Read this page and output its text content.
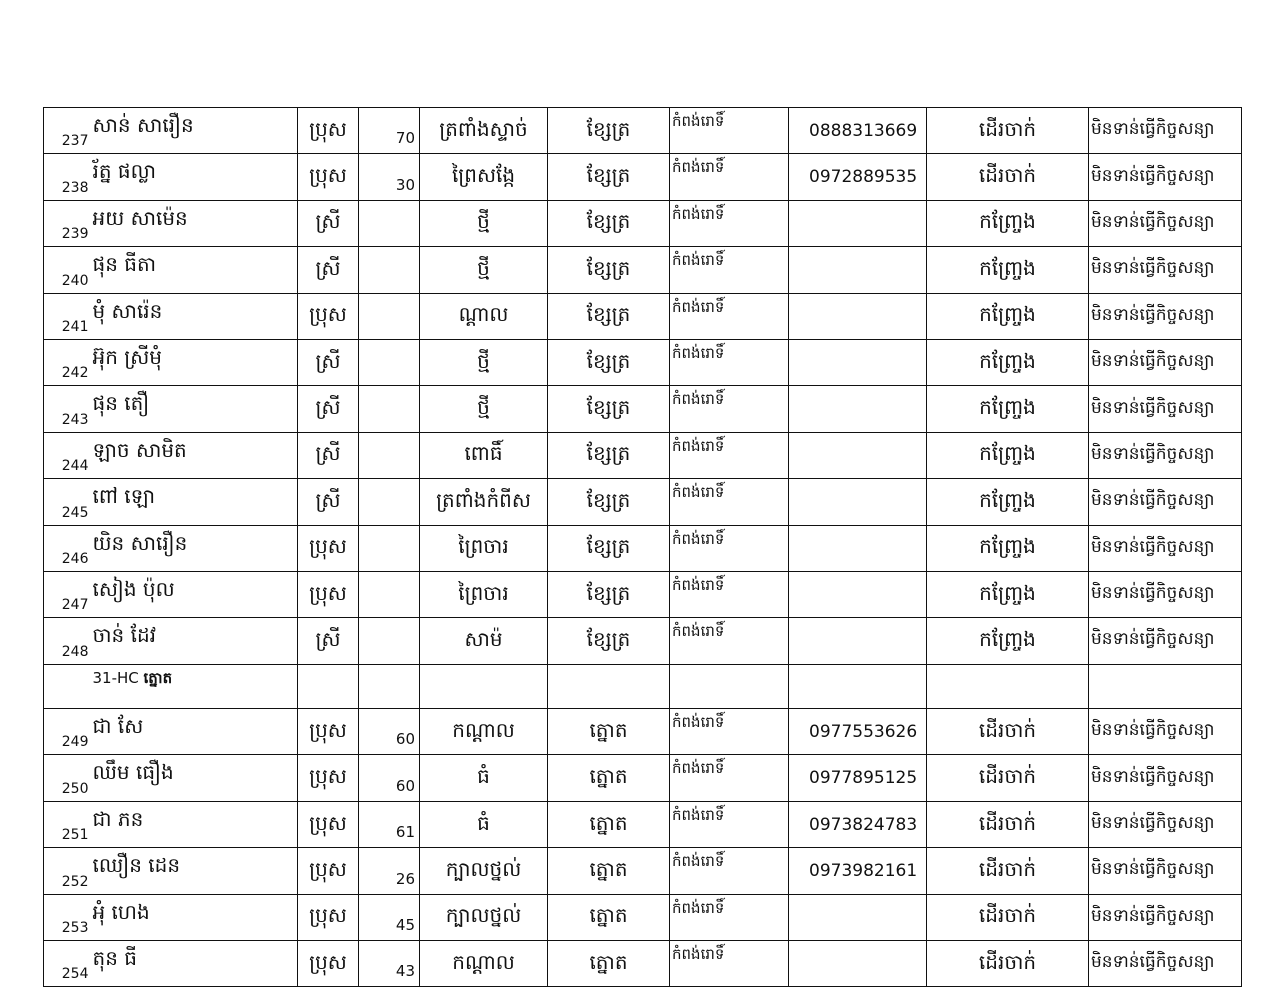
237	សាន់ សារឿន	ប្រុស	70	ត្រពាំងស្ទាច់	ខ្សែត្រ	កំពង់រោទិ៍	0888313669	ដើរចាក់	មិនទាន់ធ្វើកិច្ចសន្យា
238	រ័ត្ន ផល្លា	ប្រុស	30	ព្រៃសង្កែ	ខ្សែត្រ	កំពង់រោទិ៍	0972889535	ដើរចាក់	មិនទាន់ធ្វើកិច្ចសន្យា
239	អយ សាម៉េន	ស្រី		ថ្មី	ខ្សែត្រ	កំពង់រោទិ៍		កញ្ច្រែង	មិនទាន់ធ្វើកិច្ចសន្យា
240	ផុន ធីតា	ស្រី		ថ្មី	ខ្សែត្រ	កំពង់រោទិ៍		កញ្ច្រែង	មិនទាន់ធ្វើកិច្ចសន្យា
241	មុំ សារ៉េន	ប្រុស		ណ្តាល	ខ្សែត្រ	កំពង់រោទិ៍		កញ្ច្រែង	មិនទាន់ធ្វើកិច្ចសន្យា
242	អ៊ុក ស្រីមុំ	ស្រី		ថ្មី	ខ្សែត្រ	កំពង់រោទិ៍		កញ្ច្រែង	មិនទាន់ធ្វើកិច្ចសន្យា
243	ផុន តឿ	ស្រី		ថ្មី	ខ្សែត្រ	កំពង់រោទិ៍		កញ្ច្រែង	មិនទាន់ធ្វើកិច្ចសន្យា
244	ឡាច សាមិត	ស្រី		ពោធិ៍	ខ្សែត្រ	កំពង់រោទិ៍		កញ្ច្រែង	មិនទាន់ធ្វើកិច្ចសន្យា
245	ពៅ ឡេា	ស្រី		ត្រពាំងកំពីស	ខ្សែត្រ	កំពង់រោទិ៍		កញ្ច្រែង	មិនទាន់ធ្វើកិច្ចសន្យា
246	យិន សារឿន	ប្រុស		ព្រៃចារ	ខ្សែត្រ	កំពង់រោទិ៍		កញ្ច្រែង	មិនទាន់ធ្វើកិច្ចសន្យា
247	សៀង ប៉ុល	ប្រុស		ព្រៃចារ	ខ្សែត្រ	កំពង់រោទិ៍		កញ្ច្រែង	មិនទាន់ធ្វើកិច្ចសន្យា
248	ចាន់ ដែវ	ស្រី		សាម៉	ខ្សែត្រ	កំពង់រោទិ៍		កញ្ច្រែង	មិនទាន់ធ្វើកិច្ចសន្យា
	31-HC ត្នោត								
249	ជា សែ	ប្រុស	60	កណ្តាល	ត្នោត	កំពង់រោទិ៍	0977553626	ដើរចាក់	មិនទាន់ធ្វើកិច្ចសន្យា
250	ឈឹម ធឿង	ប្រុស	60	ធំ	ត្នោត	កំពង់រោទិ៍	0977895125	ដើរចាក់	មិនទាន់ធ្វើកិច្ចសន្យា
251	ជា ភន	ប្រុស	61	ធំ	ត្នោត	កំពង់រោទិ៍	0973824783	ដើរចាក់	មិនទាន់ធ្វើកិច្ចសន្យា
252	ឈឿន ដេន	ប្រុស	26	ក្បាលថ្នល់	ត្នោត	កំពង់រោទិ៍	0973982161	ដើរចាក់	មិនទាន់ធ្វើកិច្ចសន្យា
253	អុំ ហេង	ប្រុស	45	ក្បាលថ្នល់	ត្នោត	កំពង់រោទិ៍		ដើរចាក់	មិនទាន់ធ្វើកិច្ចសន្យា
254	តុន ធី	ប្រុស	43	កណ្តាល	ត្នោត	កំពង់រោទិ៍		ដើរចាក់	មិនទាន់ធ្វើកិច្ចសន្យា
